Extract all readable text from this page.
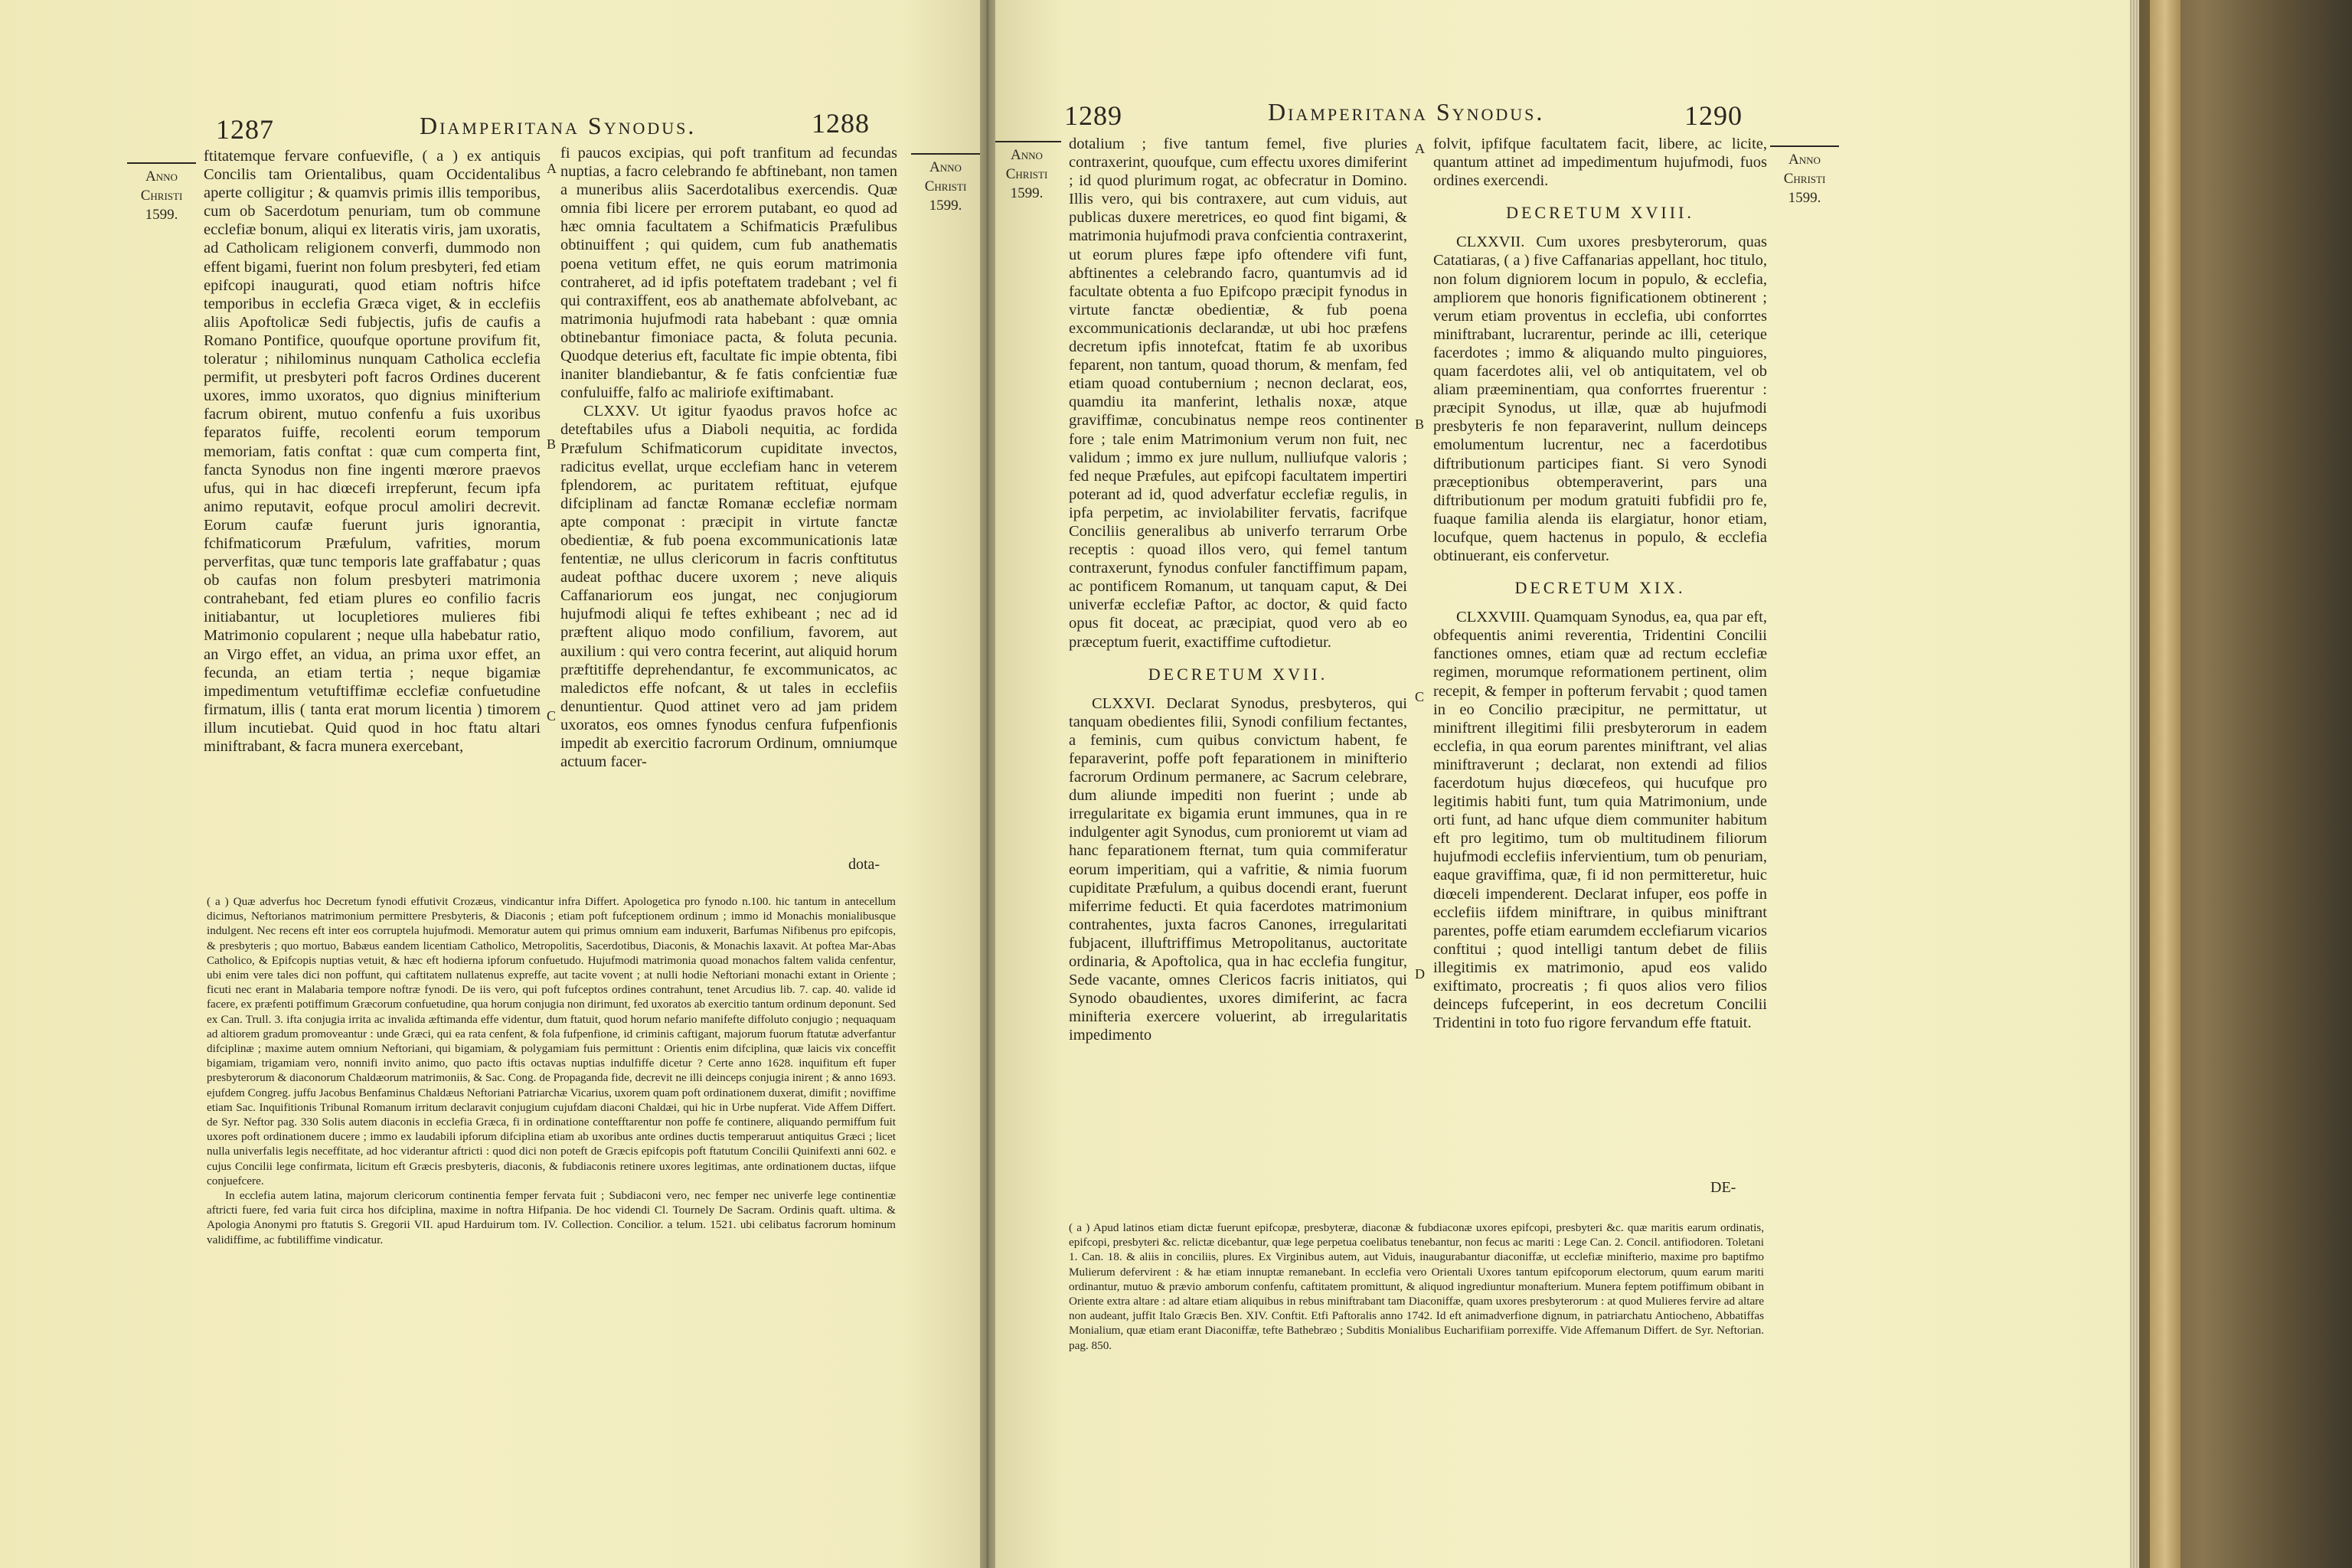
1287	Diamperitana Synodus.	1288
Anno
Christi
1599.
Anno
Christi
1599.

ftitatemque fervare confuevifle, ( a ) ex antiquis Concilis tam Orientalibus, quam Occidentalibus aperte colligitur ; & quamvis primis illis temporibus, cum ob Sacerdotum penuriam, tum ob commune ecclefiæ bonum, aliqui ex literatis viris, jam uxoratis, ad Catholicam religionem converfi, dummodo non effent bigami, fuerint non folum presbyteri, fed etiam epifcopi inaugurati, quod etiam noftris hifce temporibus in ecclefia Græca viget, & in ecclefiis aliis Apoftolicæ Sedi fubjectis, jufis de caufis a Romano Pontifice, quoufque oportune provifum fit, toleratur ; nihilominus nunquam Catholica ecclefia permifit, ut presbyteri poft facros Ordines ducerent uxores, immo uxoratos, quo dignius minifterium facrum obirent, mutuo confenfu a fuis uxoribus feparatos fuiffe, recolenti eorum temporum memoriam, fatis conftat : quæ cum comperta fint, fancta Synodus non fine ingenti mœrore praevos ufus, qui in hac diœcefi irrepferunt, fecum ipfa animo reputavit, eofque procul amoliri decrevit. Eorum caufæ fuerunt juris ignorantia, fchifmaticorum Præfulum, vafrities, morum perverfitas, quæ tunc temporis late graffabatur ; quas ob caufas non folum presbyteri matrimonia contrahebant, fed etiam plures eo confilio facris initiabantur, ut locupletiores mulieres fibi Matrimonio copularent ; neque ulla habebatur ratio, an Virgo effet, an vidua, an prima uxor effet, an fecunda, an etiam tertia ; neque bigamiæ impedimentum vetuftiffimæ ecclefiæ confuetudine firmatum, illis ( tanta erat morum licentia ) timorem illum incutiebat. Quid quod in hoc ftatu altari miniftrabant, & facra munera exercebant,

A
B
C

fi paucos excipias, qui poft tranfitum ad fecundas nuptias, a facro celebrando fe abftinebant, non tamen a muneribus aliis Sacerdotalibus exercendis. Quæ omnia fibi licere per errorem putabant, eo quod ad hæc omnia facultatem a Schifmaticis Præfulibus obtinuiffent ; qui quidem, cum fub anathematis poena vetitum effet, ne quis eorum matrimonia contraheret, ad id ipfis poteftatem tradebant ; vel fi qui contraxiffent, eos ab anathemate abfolvebant, ac matrimonia hujufmodi rata habebant : quæ omnia obtinebantur fimoniace pacta, & foluta pecunia. Quodque deterius eft, facultate fic impie obtenta, fibi inaniter blandiebantur, & fe fatis confcientiæ fuæ confuluiffe, falfo ac maliriofe exiftimabant.

CLXXV. Ut igitur fyaodus pravos hofce ac deteftabiles ufus a Diaboli nequitia, ac fordida Præfulum Schifmaticorum cupiditate invectos, radicitus evellat, urque ecclefiam hanc in veterem fplendorem, ac puritatem reftituat, ejufque difciplinam ad fanctæ Romanæ ecclefiæ normam apte componat : præcipit in virtute fanctæ obedientiæ, & fub poena excommunicationis latæ fententiæ, ne ullus clericorum in facris conftitutus audeat pofthac ducere uxorem ; neve aliquis Caffanariorum eos jungat, nec conjugiorum hujufmodi aliqui fe teftes exhibeant ; nec ad id præftent aliquo modo confilium, favorem, aut auxilium : qui vero contra fecerint, aut aliquid horum præftitiffe deprehendantur, fe excommunicatos, ac maledictos effe nofcant, & ut tales in ecclefiis denuntientur. Quod attinet vero ad jam pridem uxoratos, eos omnes fynodus cenfura fufpenfionis impedit ab exercitio facrorum Ordinum, omniumque actuum facer-

dota-

( a ) Quæ adverfus hoc Decretum fynodi effutivit Crozæus, vindicantur infra Differt. Apologetica pro fynodo n.100. hic tantum in antecellum dicimus, Neftorianos matrimonium permittere Presbyteris, & Diaconis ; etiam poft fufceptionem ordinum ; immo id Monachis monialibusque indulgent. Nec recens eft inter eos corruptela hujufmodi. Memoratur autem qui primus omnium eam induxerit, Barfumas Nifibenus pro epifcopis, & presbyteris ; quo mortuo, Babæus eandem licentiam Catholico, Metropolitis, Sacerdotibus, Diaconis, & Monachis laxavit. At poftea Mar-Abas Catholico, & Epifcopis nuptias vetuit, & hæc eft hodierna ipforum confuetudo. Hujufmodi matrimonia quoad monachos faltem valida cenfentur, ubi enim vere tales dici non poffunt, qui caftitatem nullatenus expreffe, aut tacite vovent ; at nulli hodie Neftoriani monachi extant in Oriente ; ficuti nec erant in Malabaria tempore noftræ fynodi. De iis vero, qui poft fufceptos ordines contrahunt, tenet Arcudius lib. 7. cap. 40. valide id facere, ex præfenti potiffimum Græcorum confuetudine, qua horum conjugia non dirimunt, fed uxoratos ab exercitio tantum ordinum deponunt. Sed ex Can. Trull. 3. ifta conjugia irrita ac invalida æftimanda effe videntur, dum ftatuit, quod horum nefario manifefte diffoluto conjugio ; nequaquam ad altiorem gradum promoveantur : unde Græci, qui ea rata cenfent, & fola fufpenfione, id criminis caftigant, majorum fuorum ftatutæ adverfantur difciplinæ ; maxime autem omnium Neftoriani, qui bigamiam, & polygamiam fuis permittunt : Orientis enim difciplina, quæ laicis vix conceffit bigamiam, trigamiam vero, nonnifi invito animo, quo pacto iftis octavas nuptias indulfiffe dicetur ? Certe anno 1628. inquifitum eft fuper presbyterorum & diaconorum Chaldæorum matrimoniis, & Sac. Cong. de Propaganda fide, decrevit ne illi deinceps conjugia inirent ; & anno 1693. ejufdem Congreg. juffu Jacobus Benfaminus Chaldæus Neftoriani Patriarchæ Vicarius, uxorem quam poft ordinationem duxerat, dimifit ; noviffime etiam Sac. Inquifitionis Tribunal Romanum irritum declaravit conjugium cujufdam diaconi Chaldæi, qui hic in Urbe nupferat. Vide Affem Differt. de Syr. Neftor pag. 330 Solis autem diaconis in ecclefia Græca, fi in ordinatione contefftarentur non poffe fe continere, aliquando permiffum fuit uxores poft ordinationem ducere ; immo ex laudabili ipforum difciplina etiam ab uxoribus ante ordines ductis temperaruut antiquitus Græci ; licet nulla univerfalis legis neceffitate, ad hoc viderantur aftricti : quod dici non poteft de Græcis epifcopis poft ftatutum Concilii Quinifexti anni 602. e cujus Concilii lege confirmata, licitum eft Græcis presbyteris, diaconis, & fubdiaconis retinere uxores legitimas, ante ordinationem ductas, iifque conjuefcere.

In ecclefia autem latina, majorum clericorum continentia femper fervata fuit ; Subdiaconi vero, nec femper nec univerfe lege continentiæ aftricti fuere, fed varia fuit circa hos difciplina, maxime in noftra Hifpania. De hoc videndi Cl. Tournely De Sacram. Ordinis quaft. ultima. & Apologia Anonymi pro ftatutis S. Gregorii VII. apud Harduirum tom. IV. Collection. Concilior. a telum. 1521. ubi celibatus facrorum hominum validiffime, ac fubtiliffime vindicatur.

1289	Diamperitana Synodus.	1290
Anno
Christi
1599.
Anno
Christi
1599.

dotalium ; five tantum femel, five pluries contraxerint, quoufque, cum effectu uxores dimiferint ; id quod plurimum rogat, ac obfecratur in Domino. Illis vero, qui bis contraxere, aut cum viduis, aut publicas duxere meretrices, eo quod fint bigami, & matrimonia hujufmodi prava confcientia contraxerint, ut eorum plures fæpe ipfo oftendere vifi funt, abftinentes a celebrando facro, quantumvis ad id facultate obtenta a fuo Epifcopo præcipit fynodus in virtute fanctæ obedientiæ, & fub poena excommunicationis declarandæ, ut ubi hoc præfens decretum ipfis innotefcat, ftatim fe ab uxoribus feparent, non tantum, quoad thorum, & menfam, fed etiam quoad contubernium ; necnon declarat, eos, quamdiu ita manferint, lethalis noxæ, atque graviffimæ, concubinatus nempe reos continenter fore ; tale enim Matrimonium verum non fuit, nec validum ; immo ex jure nullum, nulliufque valoris ; fed neque Præfules, aut epifcopi facultatem impertiri poterant ad id, quod adverfatur ecclefiæ regulis, in ipfa perpetim, ac inviolabiliter fervatis, facrifque Conciliis generalibus ab univerfo terrarum Orbe receptis : quoad illos vero, qui femel tantum contraxerunt, fynodus confuler fanctiffimum papam, ac pontificem Romanum, ut tanquam caput, & Dei univerfæ ecclefiæ Paftor, ac doctor, & quid facto opus fit doceat, ac præcipiat, quod vero ab eo præceptum fuerit, exactiffime cuftodietur.

DECRETUM XVII.

CLXXVI. Declarat Synodus, presbyteros, qui tanquam obedientes filii, Synodi confilium fectantes, a feminis, cum quibus convictum habent, fe feparaverint, poffe poft feparationem in minifterio facrorum Ordinum permanere, ac Sacrum celebrare, dum aliunde impediti non fuerint ; unde ab irregularitate ex bigamia erunt immunes, qua in re indulgenter agit Synodus, cum pronioremt ut viam ad hanc feparationem fternat, tum quia commiferatur eorum imperitiam, qui a vafritie, & nimia fuorum cupiditate Præfulum, a quibus docendi erant, fuerunt miferrime feducti. Et quia facerdotes matrimonium contrahentes, juxta facros Canones, irregularitati fubjacent, illuftriffimus Metropolitanus, auctoritate ordinaria, & Apoftolica, qua in hac ecclefia fungitur, Sede vacante, omnes Clericos facris initiatos, qui Synodo obaudientes, uxores dimiferint, ac facra minifteria exercere voluerint, ab irregularitatis impedimento

A
B
C
D

folvit, ipfifque facultatem facit, libere, ac licite, quantum attinet ad impedimentum hujufmodi, fuos ordines exercendi.

DECRETUM XVIII.

CLXXVII. Cum uxores presbyterorum, quas Catatiaras, ( a ) five Caffanarias appellant, hoc titulo, non folum digniorem locum in populo, & ecclefia, ampliorem que honoris fignificationem obtinerent ; verum etiam proventus in ecclefia, ubi conforrtes miniftrabant, lucrarentur, perinde ac illi, ceterique facerdotes ; immo & aliquando multo pinguiores, quam facerdotes alii, vel ob antiquitatem, vel ob aliam præeminentiam, qua conforrtes fruerentur : præcipit Synodus, ut illæ, quæ ab hujufmodi presbyteris fe non feparaverint, nullum deinceps emolumentum lucrentur, nec a facerdotibus diftributionum participes fiant. Si vero Synodi præceptionibus obtemperaverint, pars una diftributionum per modum gratuiti fubfidii pro fe, fuaque familia alenda iis elargiatur, honor etiam, locufque, quem hactenus in populo, & ecclefia obtinuerant, eis confervetur.

DECRETUM XIX.

CLXXVIII. Quamquam Synodus, ea, qua par eft, obfequentis animi reverentia, Tridentini Concilii fanctiones omnes, etiam quæ ad rectum ecclefiæ regimen, morumque reformationem pertinent, olim recepit, & femper in pofterum fervabit ; quod tamen in eo Concilio præcipitur, ne permittatur, ut miniftrent illegitimi filii presbyterorum in eadem ecclefia, in qua eorum parentes miniftrant, vel alias miniftraverunt ; declarat, non extendi ad filios facerdotum hujus diœcefeos, qui hucufque pro legitimis habiti funt, tum quia Matrimonium, unde orti funt, ad hanc ufque diem communiter habitum eft pro legitimo, tum ob multitudinem filiorum hujufmodi ecclefiis infervientium, tum ob penuriam, eaque graviffima, quæ, fi id non permitteretur, huic diœceli impenderent. Declarat infuper, eos poffe in ecclefiis iifdem miniftrare, in quibus miniftrant parentes, poffe etiam earumdem ecclefiarum vicarios conftitui ; quod intelligi tantum debet de filiis illegitimis ex matrimonio, apud eos valido exiftimato, procreatis ; fi quos alios vero filios deinceps fufceperint, in eos decretum Concilii Tridentini in toto fuo rigore fervandum effe ftatuit.

DE-

( a ) Apud latinos etiam dictæ fuerunt epifcopæ, presbyteræ, diaconæ & fubdiaconæ uxores epifcopi, presbyteri &c. quæ maritis earum ordinatis, epifcopi, presbyteri &c. relictæ dicebantur, quæ lege perpetua coelibatus tenebantur, non fecus ac mariti : Lege Can. 2. Concil. antifiodoren. Toletani 1. Can. 18. & aliis in conciliis, plures. Ex Virginibus autem, aut Viduis, inaugurabantur diaconiffæ, ut ecclefiæ minifterio, maxime pro baptifmo Mulierum defervirent : & hæ etiam innuptæ remanebant. In ecclefia vero Orientali Uxores tantum epifcoporum electorum, quum earum mariti ordinantur, mutuo & prævio amborum confenfu, caftitatem promittunt, & aliquod ingrediuntur monafterium. Munera feptem potiffimum obibant in Oriente extra altare : ad altare etiam aliquibus in rebus miniftrabant tam Diaconiffæ, quam uxores presbyterorum : at quod Mulieres fervire ad altare non audeant, juffit Italo Græcis Ben. XIV. Conftit. Etfi Paftoralis anno 1742. Id eft animadverfione dignum, in patriarchatu Antiocheno, Abbatiffas Monialium, quæ etiam erant Diaconiffæ, tefte Bathebræo ; Subditis Monialibus Eucharifiiam porrexiffe. Vide Affemanum Differt. de Syr. Neftorian. pag. 850.
